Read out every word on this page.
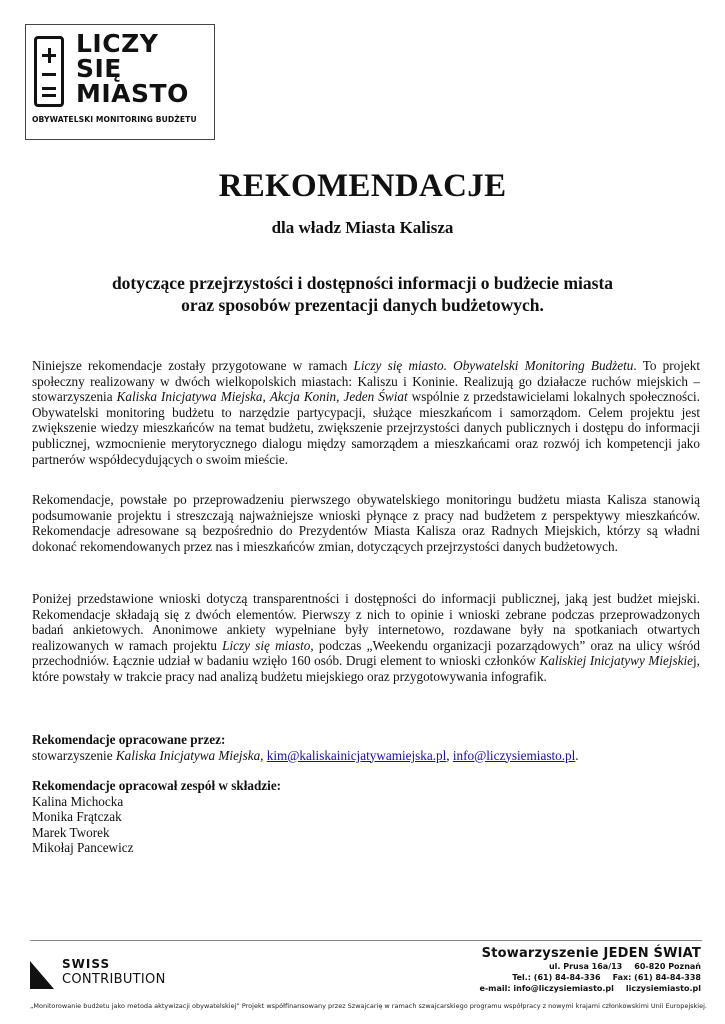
LICZY
SIĘ
MIASTO
OBYWATELSKI MONITORING BUDŻETU
REKOMENDACJE
dla władz Miasta Kalisza
dotyczące przejrzystości i dostępności informacji o budżecie miasta
oraz sposobów prezentacji danych budżetowych.

Niniejsze rekomendacje zostały przygotowane w ramach Liczy się miasto. Obywatelski Monitoring Budżetu. To projekt społeczny realizowany w dwóch wielkopolskich miastach: Kaliszu i Koninie. Realizują go działacze ruchów miejskich – stowarzyszenia Kaliska Inicjatywa Miejska, Akcja Konin, Jeden Świat wspólnie z przedstawicielami lokalnych społeczności. Obywatelski monitoring budżetu to narzędzie partycypacji, służące mieszkańcom i samorządom. Celem projektu jest zwiększenie wiedzy mieszkańców na temat budżetu, zwiększenie przejrzystości danych publicznych i dostępu do informacji publicznej, wzmocnienie merytorycznego dialogu między samorządem a mieszkańcami oraz rozwój ich kompetencji jako partnerów współdecydujących o swoim mieście.

Rekomendacje, powstałe po przeprowadzeniu pierwszego obywatelskiego monitoringu budżetu miasta Kalisza stanowią podsumowanie projektu i streszczają najważniejsze wnioski płynące z pracy nad budżetem z perspektywy mieszkańców. Rekomendacje adresowane są bezpośrednio do Prezydentów Miasta Kalisza oraz Radnych Miejskich, którzy są władni dokonać rekomendowanych przez nas i mieszkańców zmian, dotyczących przejrzystości danych budżetowych.

Poniżej przedstawione wnioski dotyczą transparentności i dostępności do informacji publicznej, jaką jest budżet miejski. Rekomendacje składają się z dwóch elementów. Pierwszy z nich to opinie i wnioski zebrane podczas przeprowadzonych badań ankietowych. Anonimowe ankiety wypełniane były internetowo, rozdawane były na spotkaniach otwartych realizowanych w ramach projektu Liczy się miasto, podczas „Weekendu organizacji pozarządowych” oraz na ulicy wśród przechodniów. Łącznie udział w badaniu wzięło 160 osób. Drugi element to wnioski członków Kaliskiej Inicjatywy Miejskiej, które powstały w trakcie pracy nad analizą budżetu miejskiego oraz przygotowywania infografik.

Rekomendacje opracowane przez:
stowarzyszenie Kaliska Inicjatywa Miejska, kim@kaliskainicjatywamiejska.pl, info@liczysiemiasto.pl.
Rekomendacje opracował zespół w składzie:
Kalina Michocka
Monika Frątczak
Marek Tworek
Mikołaj Pancewicz
SWISS
CONTRIBUTION
Stowarzyszenie JEDEN ŚWIAT
ul. Prusa 16a/13 60-820 Poznań
Tel.: (61) 84-84-336 Fax: (61) 84-84-338
e-mail: info@liczysiemiasto.pl liczysiemiasto.pl
„Monitorowanie budżetu jako metoda aktywizacji obywatelskiej” Projekt współfinansowany przez Szwajcarię w ramach szwajcarskiego programu współpracy z nowymi krajami członkowskimi Unii Europejskiej.
